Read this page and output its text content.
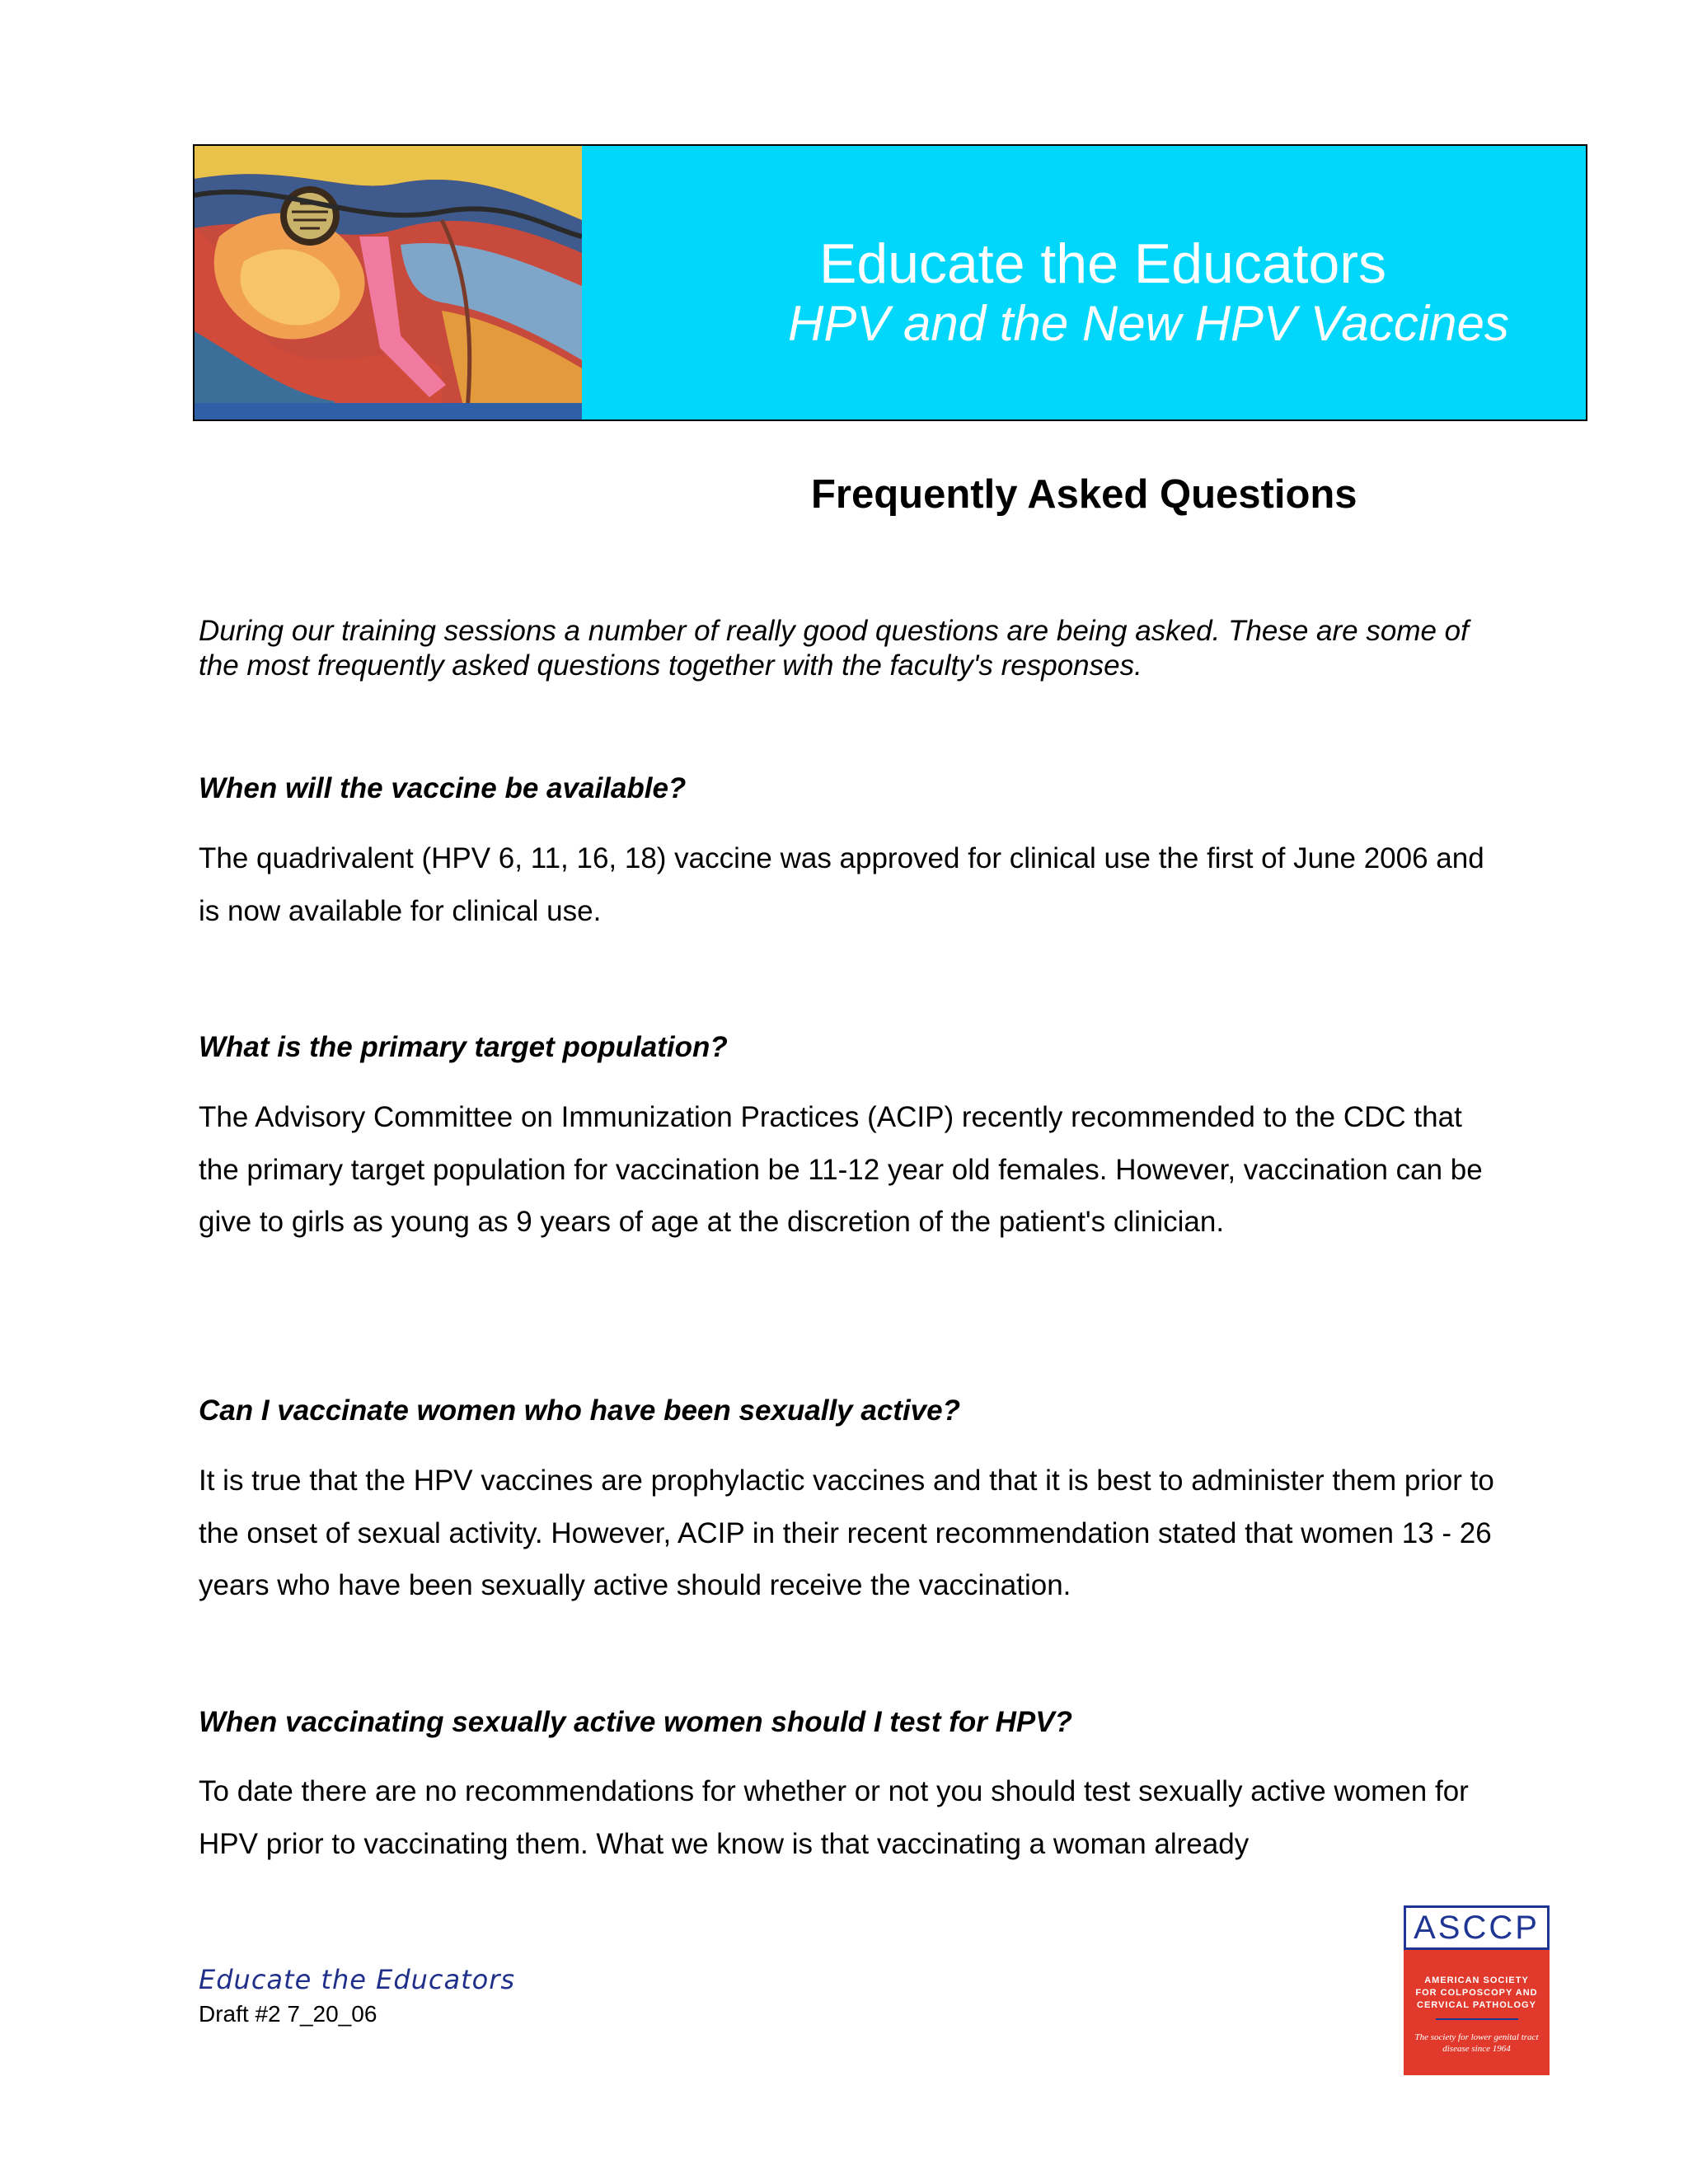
Educate the Educators
HPV and the New HPV Vaccines
Frequently Asked Questions

During our training sessions a number of really good questions are being asked. These are some of the most frequently asked questions together with the faculty's responses.

When will the vaccine be available?

The quadrivalent (HPV 6, 11, 16, 18) vaccine was approved for clinical use the first of June 2006 and is now available for clinical use.

What is the primary target population?

The Advisory Committee on Immunization Practices (ACIP) recently recommended to the CDC that the primary target population for vaccination be 11-12 year old females. However, vaccination can be give to girls as young as 9 years of age at the discretion of the patient's clinician.

Can I vaccinate women who have been sexually active?

It is true that the HPV vaccines are prophylactic vaccines and that it is best to administer them prior to the onset of sexual activity. However, ACIP in their recent recommendation stated that women 13 - 26 years who have been sexually active should receive the vaccination.

When vaccinating sexually active women should I test for HPV?

To date there are no recommendations for whether or not you should test sexually active women for HPV prior to vaccinating them. What we know is that vaccinating a woman already

Educate the Educators

Draft #2 7_20_06

ASCCP
AMERICAN SOCIETY
FOR COLPOSCOPY AND
CERVICAL PATHOLOGY
The society for lower genital tract disease since 1964
